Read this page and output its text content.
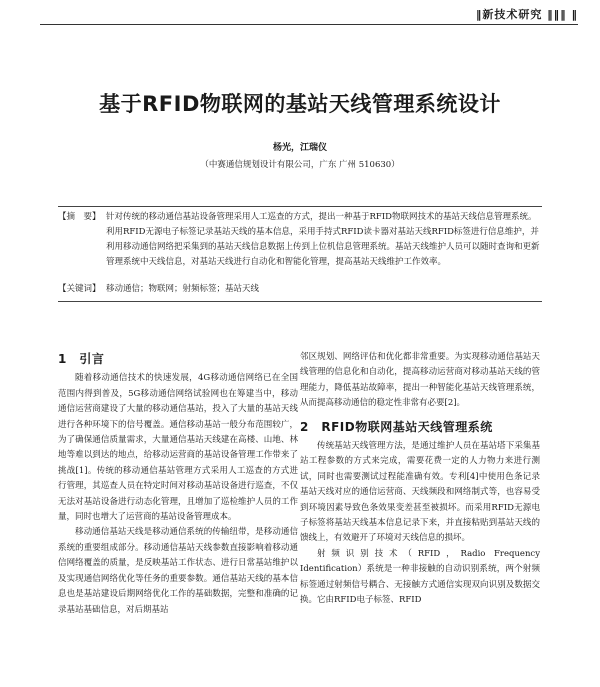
‖新技术研究 ‖‖‖ ‖
基于RFID物联网的基站天线管理系统设计
杨光，江瑞仪
（中赛通信规划设计有限公司，广东 广州 510630）
【摘　要】 针对传统的移动通信基站设备管理采用人工巡查的方式，提出一种基于RFID物联网技术的基站天线信息管理系统。利用RFID无源电子标签记录基站天线的基本信息，采用手持式RFID读卡器对基站天线RFID标签进行信息维护，并利用移动通信网络把采集到的基站天线信息数据上传到上位机信息管理系统。基站天线维护人员可以随时查询和更新管理系统中天线信息，对基站天线进行自动化和智能化管理，提高基站天线维护工作效率。
【关键词】 移动通信；物联网；射频标签；基站天线
1　引言

随着移动通信技术的快速发展，4G移动通信网络已在全国范围内得到普及，5G移动通信网络试验网也在筹建当中，移动通信运营商建设了大量的移动通信基站，投入了大量的基站天线进行各种环境下的信号覆盖。通信移动基站一般分布范围较广，为了确保通信质量需求，大量通信基站天线建在高楼、山地、林地等难以到达的地点，给移动运营商的基站设备管理工作带来了挑战[1]。传统的移动通信基站管理方式采用人工巡查的方式进行管理，其巡查人员在特定时间对移动基站设备进行巡查，不仅无法对基站设备进行动态化管理，且增加了巡检维护人员的工作量，同时也增大了运营商的基站设备管理成本。

移动通信基站天线是移动通信系统的传输纽带，是移动通信系统的重要组成部分。移动通信基站天线参数直接影响着移动通信网络覆盖的质量，是反映基站工作状态、进行日常基站维护以及实现通信网络优化等任务的重要参数。通信基站天线的基本信息也是基站建设后期网络优化工作的基础数据，完整和准确的记录基站基础信息，对后期基站

邻区规划、网络评估和优化都非常重要。为实现移动通信基站天线管理的信息化和自动化，提高移动运营商对移动基站天线的管理能力，降低基站故障率，提出一种智能化基站天线管理系统，从而提高移动通信的稳定性非常有必要[2]。

2　RFID物联网基站天线管理系统

传统基站天线管理方法，是通过维护人员在基站塔下采集基站工程参数的方式来完成，需要花费一定的人力物力来进行测试，同时也需要测试过程能准确有效。专利[4]中使用色条记录基站天线对应的通信运营商、天线频段和网络制式等，也容易受到环境因素导致色条效果变差甚至被损坏。而采用RFID无源电子标签将基站天线基本信息记录下来，并直接粘贴到基站天线的馈线上，有效避开了环境对天线信息的损坏。

射频识别技术（RFID，Radio Frequency Identification）系统是一种非接触的自动识别系统，两个射频标签通过射频信号耦合、无接触方式通信实现双向识别及数据交换。它由RFID电子标签、RFID
